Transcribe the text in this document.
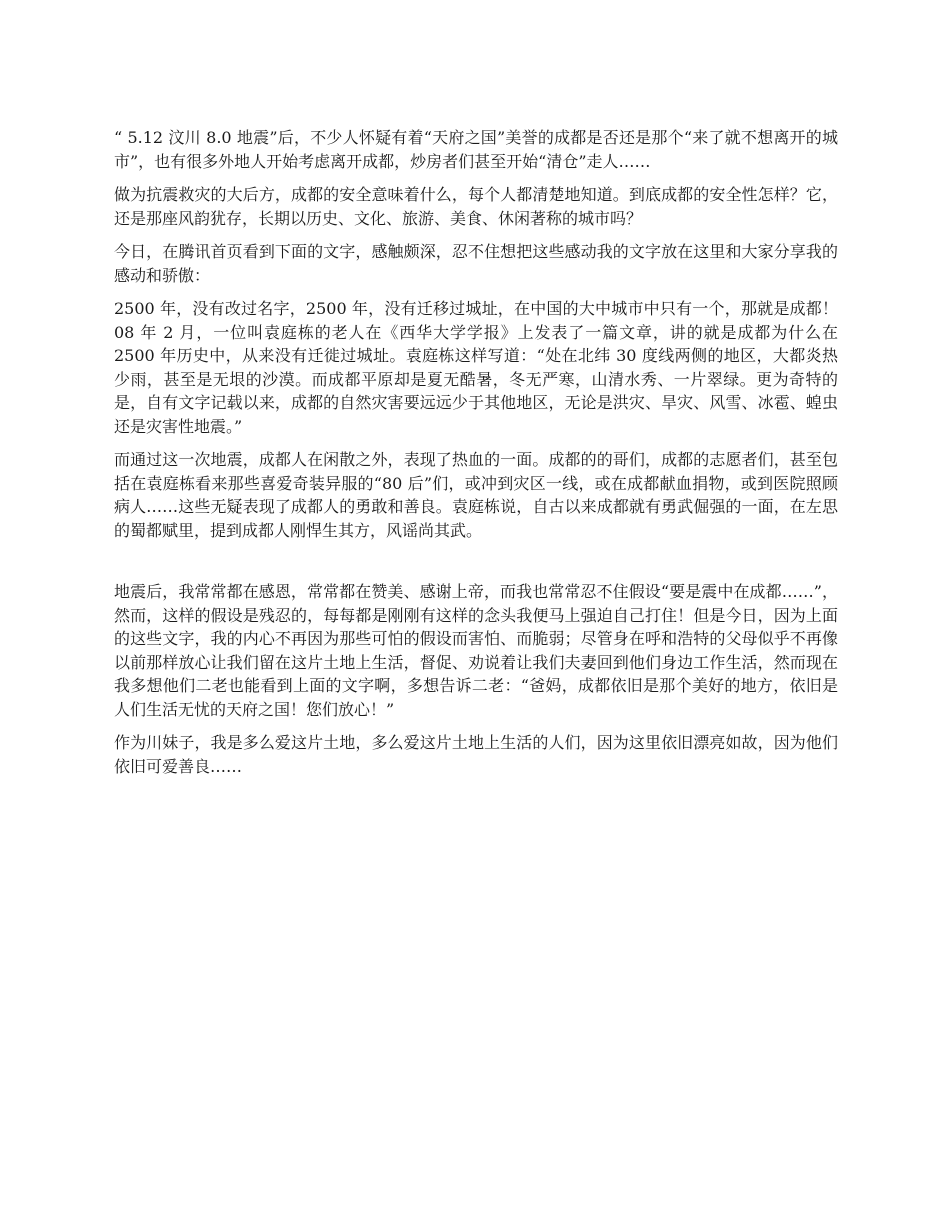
“ 5.12 汶川 8.0 地震”后，不少人怀疑有着“天府之国”美誉的成都是否还是那个“来了就不想离开的城市”，也有很多外地人开始考虑离开成都，炒房者们甚至开始“清仓”走人……

做为抗震救灾的大后方，成都的安全意味着什么，每个人都清楚地知道。到底成都的安全性怎样？它，还是那座风韵犹存，长期以历史、文化、旅游、美食、休闲著称的城市吗？

今日，在腾讯首页看到下面的文字，感触颇深，忍不住想把这些感动我的文字放在这里和大家分享我的感动和骄傲：

2500 年，没有改过名字，2500 年，没有迁移过城址，在中国的大中城市中只有一个，那就是成都！08 年 2 月，一位叫袁庭栋的老人在《西华大学学报》上发表了一篇文章，讲的就是成都为什么在 2500 年历史中，从来没有迁徙过城址。袁庭栋这样写道：“处在北纬 30 度线两侧的地区，大都炎热少雨，甚至是无垠的沙漠。而成都平原却是夏无酷暑，冬无严寒，山清水秀、一片翠绿。更为奇特的是，自有文字记载以来，成都的自然灾害要远远少于其他地区，无论是洪灾、旱灾、风雪、冰雹、蝗虫还是灾害性地震。”

而通过这一次地震，成都人在闲散之外，表现了热血的一面。成都的的哥们，成都的志愿者们，甚至包括在袁庭栋看来那些喜爱奇装异服的“80 后”们，或冲到灾区一线，或在成都献血捐物，或到医院照顾病人……这些无疑表现了成都人的勇敢和善良。袁庭栋说，自古以来成都就有勇武倔强的一面，在左思的蜀都赋里，提到成都人刚悍生其方，风谣尚其武。

地震后，我常常都在感恩，常常都在赞美、感谢上帝，而我也常常忍不住假设“要是震中在成都……”，然而，这样的假设是残忍的，每每都是刚刚有这样的念头我便马上强迫自己打住！但是今日，因为上面的这些文字，我的内心不再因为那些可怕的假设而害怕、而脆弱；尽管身在呼和浩特的父母似乎不再像以前那样放心让我们留在这片土地上生活，督促、劝说着让我们夫妻回到他们身边工作生活，然而现在我多想他们二老也能看到上面的文字啊，多想告诉二老：“爸妈，成都依旧是那个美好的地方，依旧是人们生活无忧的天府之国！您们放心！”

作为川妹子，我是多么爱这片土地，多么爱这片土地上生活的人们，因为这里依旧漂亮如故，因为他们依旧可爱善良……
